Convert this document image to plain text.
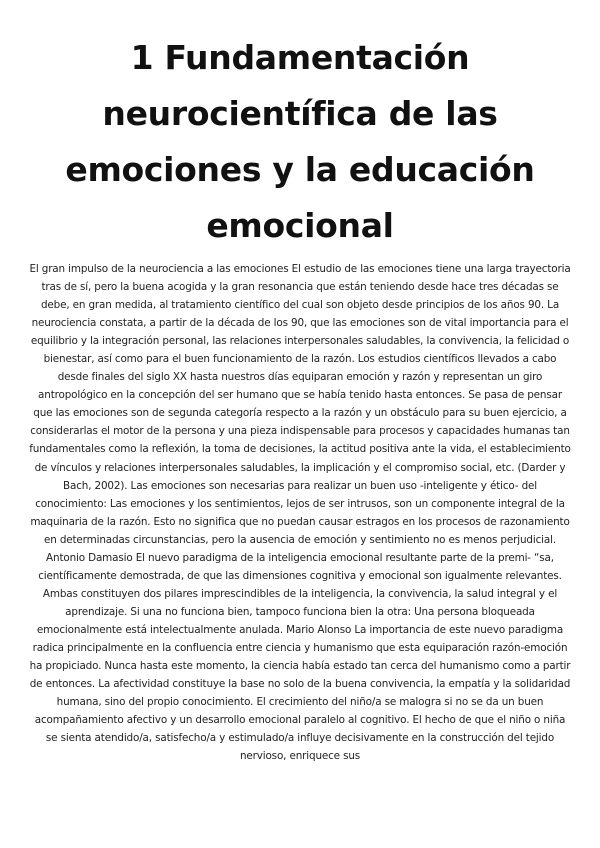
1 Fundamentación neurocientífica de las emociones y la educación emocional

El gran impulso de la neurociencia a las emociones El estudio de las emociones tiene una larga trayectoria tras de sí, pero la buena acogida y la gran resonancia que están teniendo desde hace tres décadas se debe, en gran medida, al tratamiento científico del cual son objeto desde principios de los años 90. La neurociencia constata, a partir de la década de los 90, que las emociones son de vital importancia para el equilibrio y la integración personal, las relaciones interpersonales saludables, la convivencia, la felicidad o bienestar, así como para el buen funcionamiento de la razón. Los estudios científicos llevados a cabo desde finales del siglo XX hasta nuestros días equiparan emoción y razón y representan un giro antropológico en la concepción del ser humano que se había tenido hasta entonces. Se pasa de pensar que las emociones son de segunda categoría respecto a la razón y un obstáculo para su buen ejercicio, a considerarlas el motor de la persona y una pieza indispensable para procesos y capacidades humanas tan fundamentales como la reflexión, la toma de decisiones, la actitud positiva ante la vida, el establecimiento de vínculos y relaciones interpersonales saludables, la implicación y el compromiso social, etc. (Darder y Bach, 2002). Las emociones son necesarias para realizar un buen uso -inteligente y ético- del conocimiento: Las emociones y los sentimientos, lejos de ser intrusos, son un componente integral de la maquinaria de la razón. Esto no significa que no puedan causar estragos en los procesos de razonamiento en determinadas circunstancias, pero la ausencia de emoción y sentimiento no es menos perjudicial. Antonio Damasio El nuevo paradigma de la inteligencia emocional resultante parte de la premi- “sa, científicamente demostrada, de que las dimensiones cognitiva y emocional son igualmente relevantes. Ambas constituyen dos pilares imprescindibles de la inteligencia, la convivencia, la salud integral y el aprendizaje. Si una no funciona bien, tampoco funciona bien la otra: Una persona bloqueada emocionalmente está intelectualmente anulada. Mario Alonso La importancia de este nuevo paradigma radica principalmente en la confluencia entre ciencia y humanismo que esta equiparación razón-emoción ha propiciado. Nunca hasta este momento, la ciencia había estado tan cerca del humanismo como a partir de entonces. La afectividad constituye la base no solo de la buena convivencia, la empatía y la solidaridad humana, sino del propio conocimiento. El crecimiento del niño/a se malogra si no se da un buen acompañamiento afectivo y un desarrollo emocional paralelo al cognitivo. El hecho de que el niño o niña se sienta atendido/a, satisfecho/a y estimulado/a influye decisivamente en la construcción del tejido nervioso, enriquece sus
